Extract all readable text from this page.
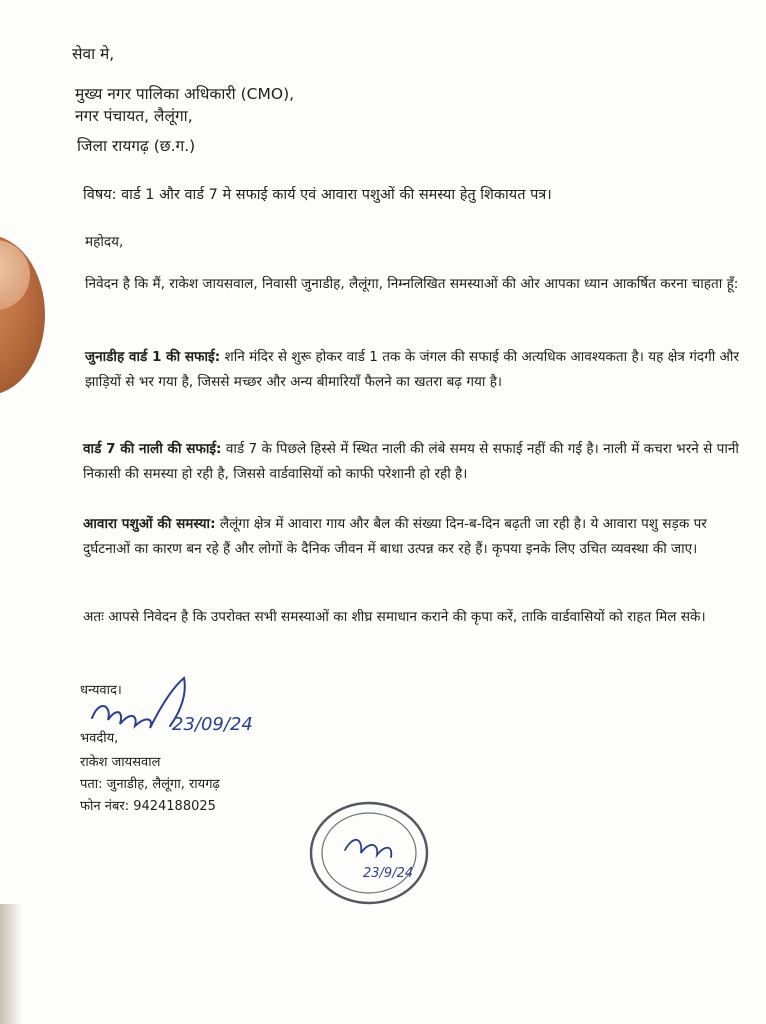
सेवा मे,
मुख्य नगर पालिका अधिकारी (CMO),
नगर पंचायत, लैलूंगा,
जिला रायगढ़ (छ.ग.)
विषय: वार्ड 1 और वार्ड 7 मे सफाई कार्य एवं आवारा पशुओं की समस्या हेतु शिकायत पत्र।
महोदय,
निवेदन है कि मैं, राकेश जायसवाल, निवासी जुनाडीह, लैलूंगा, निम्नलिखित समस्याओं की ओर आपका ध्यान आकर्षित करना चाहता हूँ:
जुनाडीह वार्ड 1 की सफाई: शनि मंदिर से शुरू होकर वार्ड 1 तक के जंगल की सफाई की अत्यधिक आवश्यकता है। यह क्षेत्र गंदगी और झाड़ियों से भर गया है, जिससे मच्छर और अन्य बीमारियाँ फैलने का खतरा बढ़ गया है।
वार्ड 7 की नाली की सफाई: वार्ड 7 के पिछले हिस्से में स्थित नाली की लंबे समय से सफाई नहीं की गई है। नाली में कचरा भरने से पानी निकासी की समस्या हो रही है, जिससे वार्डवासियों को काफी परेशानी हो रही है।
आवारा पशुओं की समस्या: लैलूंगा क्षेत्र में आवारा गाय और बैल की संख्या दिन-ब-दिन बढ़ती जा रही है। ये आवारा पशु सड़क पर दुर्घटनाओं का कारण बन रहे हैं और लोगों के दैनिक जीवन में बाधा उत्पन्न कर रहे हैं। कृपया इनके लिए उचित व्यवस्था की जाए।
अतः आपसे निवेदन है कि उपरोक्त सभी समस्याओं का शीघ्र समाधान कराने की कृपा करें, ताकि वार्डवासियों को राहत मिल सके।
धन्यवाद।
23/09/24
भवदीय,
राकेश जायसवाल
पता: जुनाडीह, लैलूंगा, रायगढ़
फोन नंबर: 9424188025
23/9/24
